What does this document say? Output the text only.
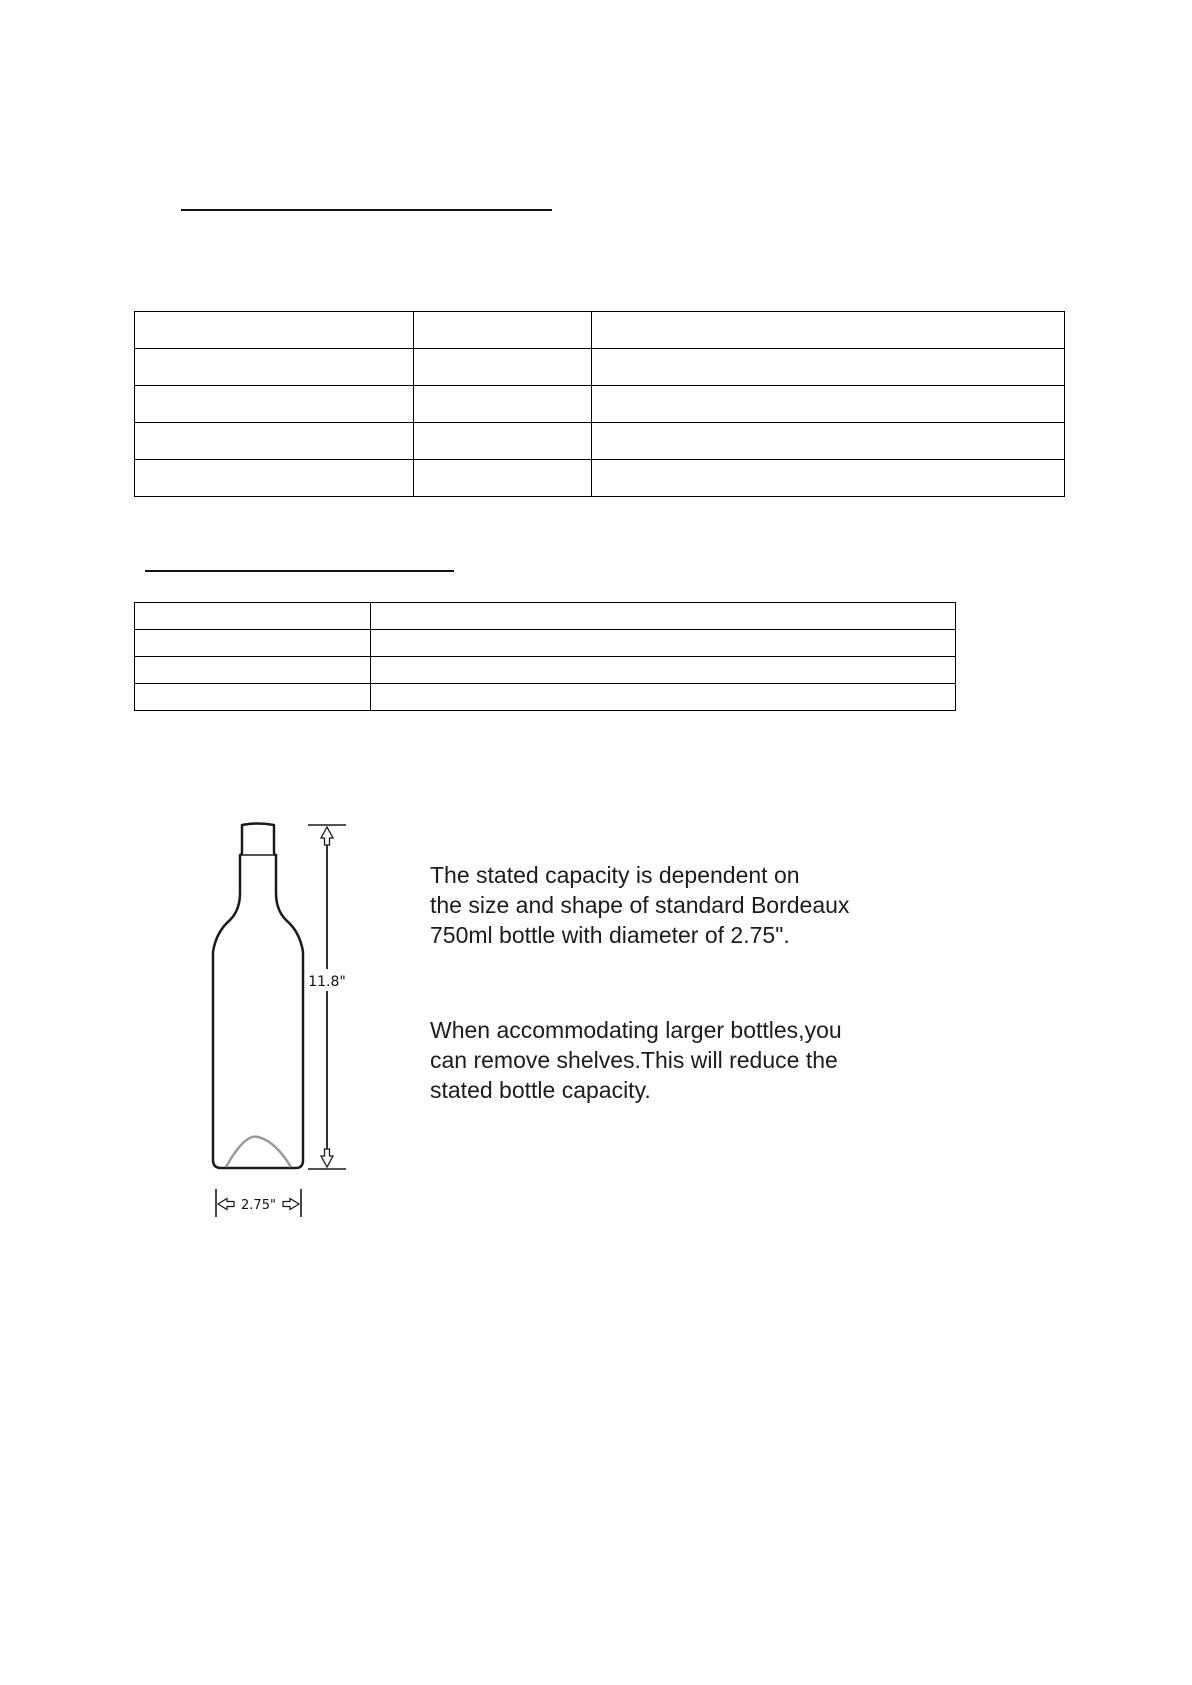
11.8"
2.75"

The stated capacity is dependent on
the size and shape of standard Bordeaux
750ml bottle with diameter of 2.75".

When accommodating larger bottles,you
can remove shelves.This will reduce the
stated bottle capacity.
